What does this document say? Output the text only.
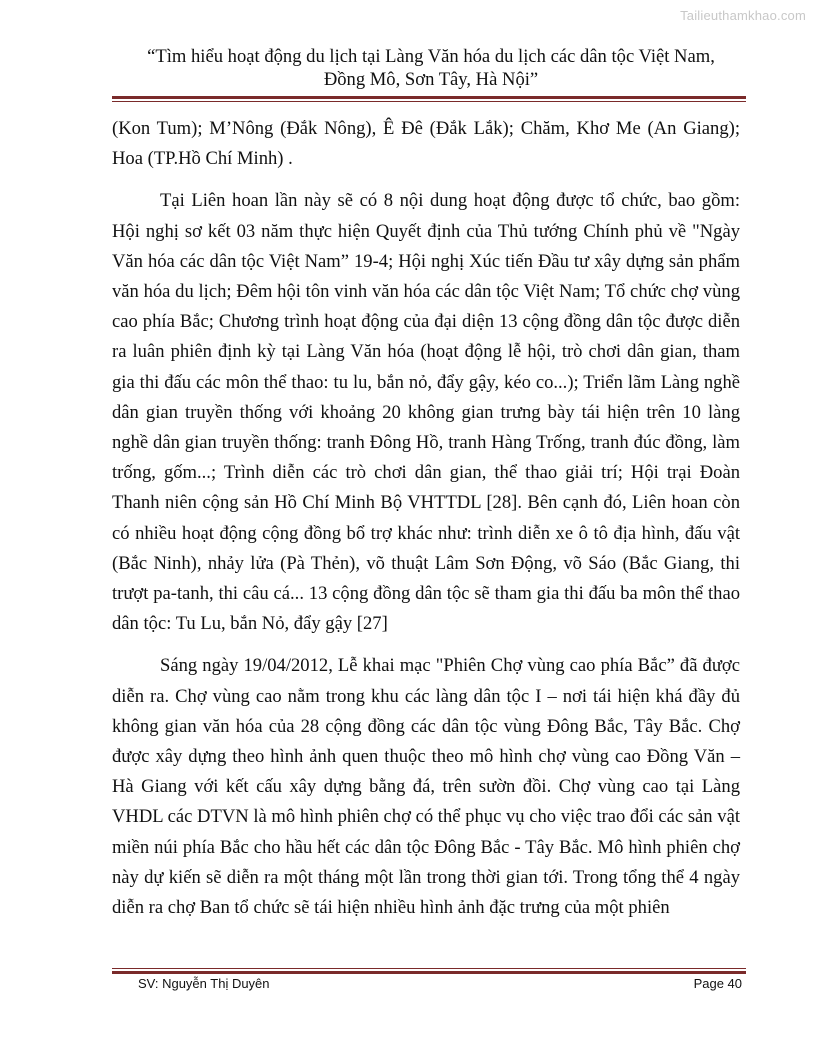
Tailieuthamkhao.com
“Tìm hiểu hoạt động du lịch tại Làng Văn hóa du lịch các dân tộc Việt Nam,
Đồng Mô, Sơn Tây, Hà Nội”

(Kon Tum); M’Nông (Đắk Nông), Ê Đê (Đắk Lắk); Chăm, Khơ Me (An Giang); Hoa (TP.Hồ Chí Minh) .

Tại Liên hoan lần này sẽ có 8 nội dung hoạt động được tổ chức, bao gồm: Hội nghị sơ kết 03 năm thực hiện Quyết định của Thủ tướng Chính phủ về "Ngày Văn hóa các dân tộc Việt Nam” 19-4; Hội nghị Xúc tiến Đầu tư xây dựng sản phẩm văn hóa du lịch; Đêm hội tôn vinh văn hóa các dân tộc Việt Nam; Tổ chức chợ vùng cao phía Bắc; Chương trình hoạt động của đại diện 13 cộng đồng dân tộc được diễn ra luân phiên định kỳ tại Làng Văn hóa (hoạt động lễ hội, trò chơi dân gian, tham gia thi đấu các môn thể thao: tu lu, bắn nỏ, đẩy gậy, kéo co...); Triển lãm Làng nghề dân gian truyền thống với khoảng 20 không gian trưng bày tái hiện trên 10 làng nghề dân gian truyền thống: tranh Đông Hồ, tranh Hàng Trống, tranh đúc đồng, làm trống, gốm...; Trình diễn các trò chơi dân gian, thể thao giải trí; Hội trại Đoàn Thanh niên cộng sản Hồ Chí Minh Bộ VHTTDL [28]. Bên cạnh đó, Liên hoan còn có nhiều hoạt động cộng đồng bổ trợ khác như: trình diễn xe ô tô địa hình, đấu vật (Bắc Ninh), nhảy lửa (Pà Thẻn), võ thuật Lâm Sơn Động, võ Sáo (Bắc Giang, thi trượt pa-tanh, thi câu cá... 13 cộng đồng dân tộc sẽ tham gia thi đấu ba môn thể thao dân tộc: Tu Lu, bắn Nỏ, đẩy gậy [27]

Sáng ngày 19/04/2012, Lễ khai mạc "Phiên Chợ vùng cao phía Bắc” đã được diễn ra. Chợ vùng cao nằm trong khu các làng dân tộc I – nơi tái hiện khá đầy đủ không gian văn hóa của 28 cộng đồng các dân tộc vùng Đông Bắc, Tây Bắc. Chợ được xây dựng theo hình ảnh quen thuộc theo mô hình chợ vùng cao Đồng Văn – Hà Giang với kết cấu xây dựng bằng đá, trên sườn đồi. Chợ vùng cao tại Làng VHDL các DTVN là mô hình phiên chợ có thể phục vụ cho việc trao đổi các sản vật miền núi phía Bắc cho hầu hết các dân tộc Đông Bắc - Tây Bắc. Mô hình phiên chợ này dự kiến sẽ diễn ra một tháng một lần trong thời gian tới. Trong tổng thể 4 ngày diễn ra chợ Ban tổ chức sẽ tái hiện nhiều hình ảnh đặc trưng của một phiên

SV: Nguyễn Thị Duyên	Page 40
